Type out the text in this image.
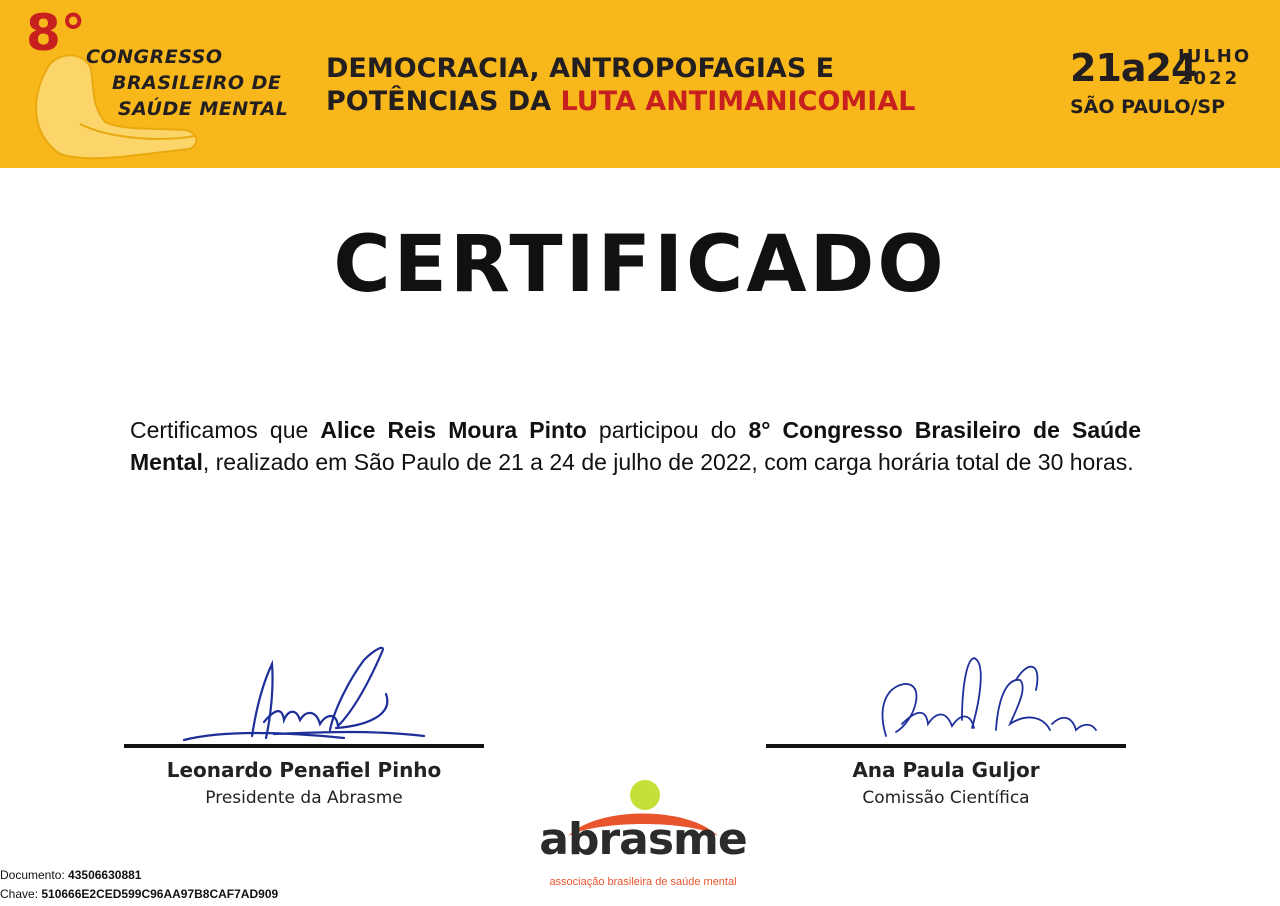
8° CONGRESSO
BRASILEIRO DE
SAÚDE MENTAL
DEMOCRACIA, ANTROPOFAGIAS E
POTÊNCIAS DA LUTA ANTIMANICOMIAL
21a24
JULHO
2022
SÃO PAULO/SP
CERTIFICADO

Certificamos que Alice Reis Moura Pinto participou do 8° Congresso Brasileiro de Saúde Mental, realizado em São Paulo de 21 a 24 de julho de 2022, com carga horária total de 30 horas.

Leonardo Penafiel Pinho
Presidente da Abrasme
Ana Paula Guljor
Comissão Científica
abrasme
associação brasileira de saúde mental
Documento: 43506630881
Chave: 510666E2CED599C96AA97B8CAF7AD909
